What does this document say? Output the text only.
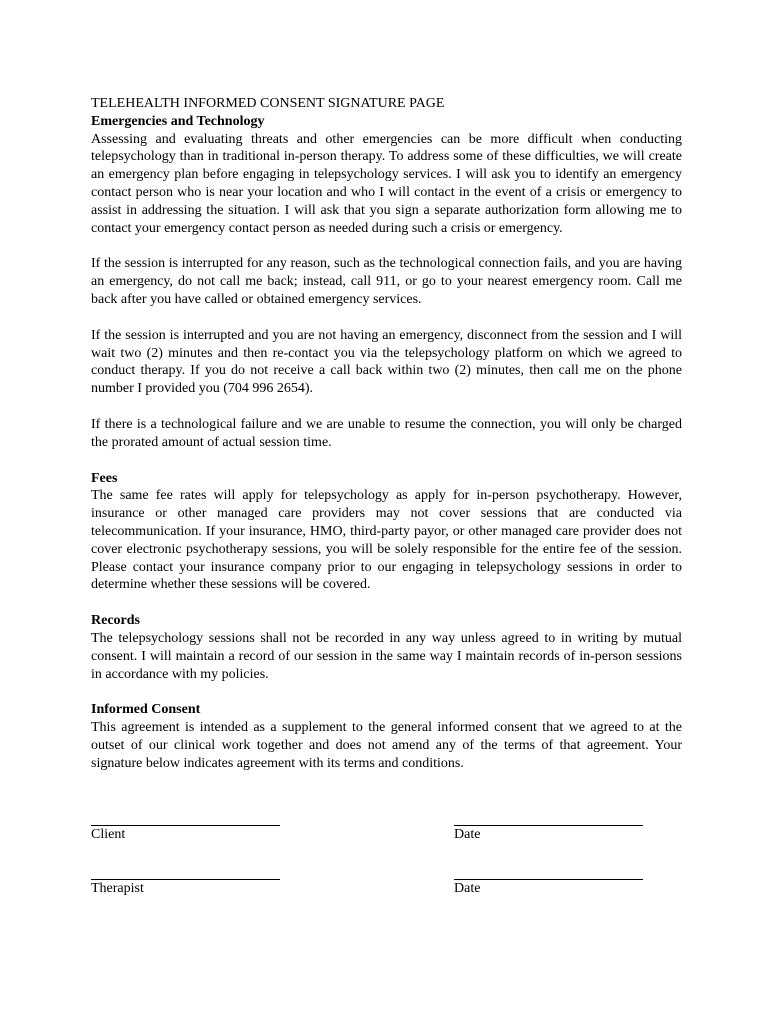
TELEHEALTH INFORMED CONSENT SIGNATURE PAGE
Emergencies and Technology

Assessing and evaluating threats and other emergencies can be more difficult when conducting telepsychology than in traditional in-person therapy. To address some of these difficulties, we will create an emergency plan before engaging in telepsychology services. I will ask you to identify an emergency contact person who is near your location and who I will contact in the event of a crisis or emergency to assist in addressing the situation. I will ask that you sign a separate authorization form allowing me to contact your emergency contact person as needed during such a crisis or emergency.

If the session is interrupted for any reason, such as the technological connection fails, and you are having an emergency, do not call me back; instead, call 911, or go to your nearest emergency room. Call me back after you have called or obtained emergency services.

If the session is interrupted and you are not having an emergency, disconnect from the session and I will wait two (2) minutes and then re-contact you via the telepsychology platform on which we agreed to conduct therapy. If you do not receive a call back within two (2) minutes, then call me on the phone number I provided you (704 996 2654).

If there is a technological failure and we are unable to resume the connection, you will only be charged the prorated amount of actual session time.

Fees

The same fee rates will apply for telepsychology as apply for in-person psychotherapy. However, insurance or other managed care providers may not cover sessions that are conducted via telecommunication. If your insurance, HMO, third-party payor, or other managed care provider does not cover electronic psychotherapy sessions, you will be solely responsible for the entire fee of the session. Please contact your insurance company prior to our engaging in telepsychology sessions in order to determine whether these sessions will be covered.

Records

The telepsychology sessions shall not be recorded in any way unless agreed to in writing by mutual consent. I will maintain a record of our session in the same way I maintain records of in-person sessions in accordance with my policies.

Informed Consent

This agreement is intended as a supplement to the general informed consent that we agreed to at the outset of our clinical work together and does not amend any of the terms of that agreement. Your signature below indicates agreement with its terms and conditions.

Client	Date
Therapist	Date
